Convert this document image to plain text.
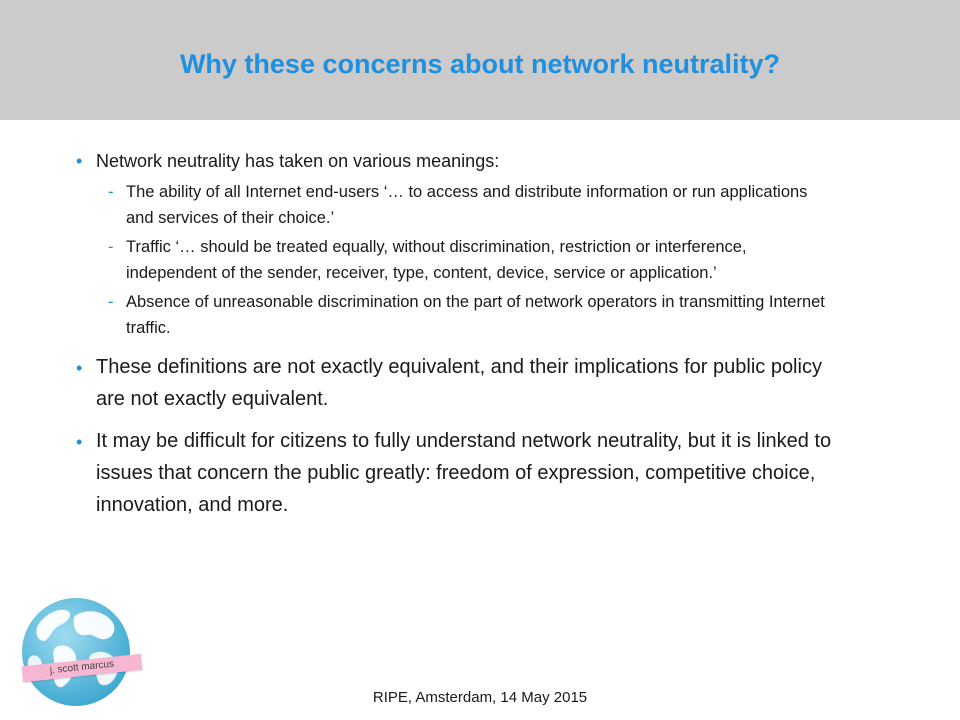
Why these concerns about network neutrality?
• Network neutrality has taken on various meanings:
- The ability of all Internet end-users ‘… to access and distribute information or run applications and services of their choice.’
- Traffic ‘… should be treated equally, without discrimination, restriction or interference, independent of the sender, receiver, type, content, device, service or application.’
- Absence of unreasonable discrimination on the part of network operators in transmitting Internet traffic.
• These definitions are not exactly equivalent, and their implications for public policy are not exactly equivalent.
• It may be difficult for citizens to fully understand network neutrality, but it is linked to issues that concern the public greatly: freedom of expression, competitive choice, innovation, and more.
j. scott marcus
RIPE, Amsterdam, 14 May 2015
